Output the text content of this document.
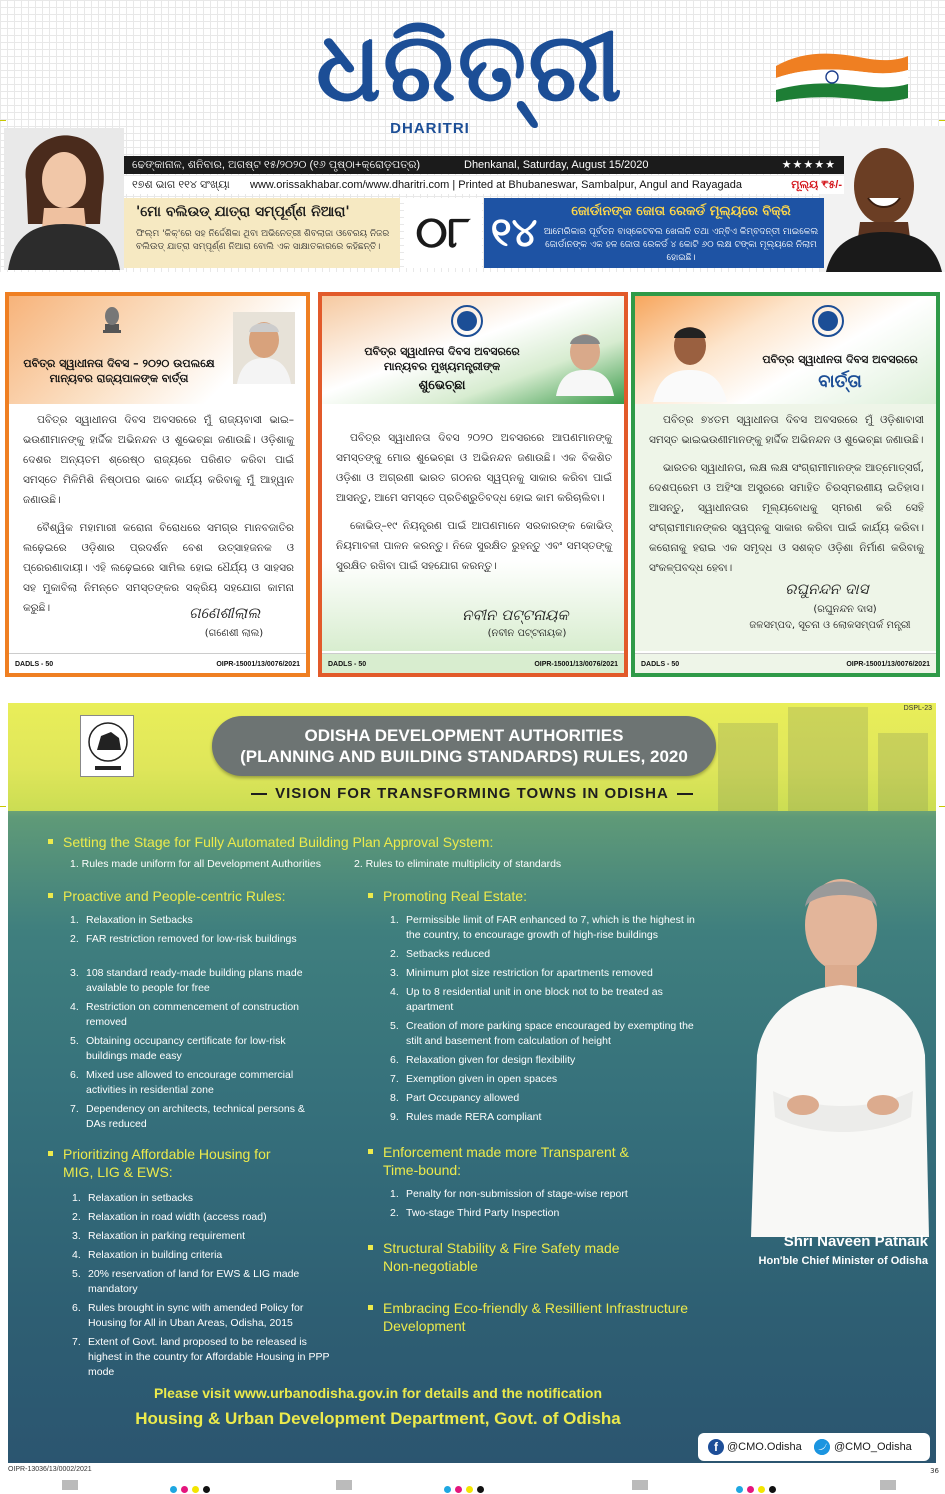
ଧରିତ୍ରୀ
DHARITRI
ଢେଙ୍କାନାଳ, ଶନିବାର, ଅଗଷ୍ଟ ୧୫/୨୦୨୦ (୧୬ ପୃଷ୍ଠା+କ୍ରୋଡ଼ପତ୍ର)	Dhenkanal, Saturday, August 15/2020	★★★★★
୧୭ଶ ଭାଗ ୧୧୪ ସଂଖ୍ୟା www.orissakhabar.com/www.dharitri.com | Printed at Bhubaneswar, Sambalpur, Angul and Rayagada	ମୂଲ୍ୟ ₹୫/-
'ମୋ ବଲିଉଡ୍ ଯାତ୍ରା ସମ୍ପୂର୍ଣ୍ଣ ନିଆରା'
ଫିଲ୍ମ 'କିକ୍'ରେ ସହ ନିର୍ଦ୍ଦେଶିକା ଥିବା ଅଭିନେତ୍ରୀ ଶିବଲାଜା ଓବେରୟ ନିଜର ବଲିଉଡ୍ ଯାତ୍ରା ସମ୍ପୂର୍ଣ୍ଣ ନିଆରା ବୋଲି ଏକ ସାକ୍ଷାତକାରରେ କହିଛନ୍ତି। ୦୮ ୧୪	ଜୋର୍ଡାନଙ୍କ ଜୋତା ରେକର୍ଡ ମୂଲ୍ୟରେ ବିକ୍ରି
ଆମେରିକାର ପୂର୍ବତନ ବାସ୍କେଟବଲ ଖେଳାଳି ତଥା ଏନ୍‌ବିଏ କିମ୍ବଦନ୍ତୀ ମାଇକେଲ ଜୋର୍ଡାନଙ୍କ ଏକ ହଳ ଜୋତା ରେକର୍ଡ ୪ କୋଟି ୬୦ ଲକ୍ଷ ଟଙ୍କା ମୂଲ୍ୟରେ ନିଲାମ ହୋଇଛି।
ପବିତ୍ର ସ୍ୱାଧୀନତା ଦିବସ – ୨୦୨୦ ଉପଲକ୍ଷେ ମାନ୍ୟବର ରାଜ୍ୟପାଳଙ୍କ ବାର୍ତ୍ତା

ପବିତ୍ର ସ୍ୱାଧୀନତା ଦିବସ ଅବସରରେ ମୁଁ ରାଜ୍ୟବାସୀ ଭାଇ–ଭଉଣୀମାନଙ୍କୁ ହାର୍ଦ୍ଦିକ ଅଭିନନ୍ଦନ ଓ ଶୁଭେଚ୍ଛା ଜଣାଉଛି। ଓଡ଼ିଶାକୁ ଦେଶର ଅନ୍ୟତମ ଶ୍ରେଷ୍ଠ ରାଜ୍ୟରେ ପରିଣତ କରିବା ପାଇଁ ସମସ୍ତେ ମିଳିମିଶି ନିଷ୍ଠାପର ଭାବେ କାର୍ଯ୍ୟ କରିବାକୁ ମୁଁ ଆହ୍ୱାନ ଜଣାଉଛି।

ବୈଶ୍ୱିକ ମହାମାରୀ କରୋନା ବିରୋଧରେ ସମଗ୍ର ମାନବଜାତିର ଲଢ଼େଇରେ ଓଡ଼ିଶାର ପ୍ରଦର୍ଶନ ବେଶ ଉତ୍ସାହଜନକ ଓ ପ୍ରେରଣାଦାୟୀ। ଏହି ଲଢ଼େଇରେ ସାମିଲ ହୋଇ ଧୈର୍ଯ୍ୟ ଓ ସାହସର ସହ ମୁକାବିଲା ନିମନ୍ତେ ସମସ୍ତଙ୍କର ସକ୍ରିୟ ସହଯୋଗ କାମନା କରୁଛି।	ଗଣେଶୀଲାଲ
(ଗଣେଶୀ ଲାଲ)
DADLS - 50	OIPR-15001/13/0076/2021
ପବିତ୍ର ସ୍ୱାଧୀନତା ଦିବସ ଅବସରରେ ମାନ୍ୟବର ମୁଖ୍ୟମନ୍ତ୍ରୀଙ୍କ
ଶୁଭେଚ୍ଛା

ପବିତ୍ର ସ୍ୱାଧୀନତା ଦିବସ ୨୦୨୦ ଅବସରରେ ଆପଣମାନଙ୍କୁ ସମସ୍ତଙ୍କୁ ମୋର ଶୁଭେଚ୍ଛା ଓ ଅଭିନନ୍ଦନ ଜଣାଉଛି। ଏକ ବିକଶିତ ଓଡ଼ିଶା ଓ ଅଗ୍ରଣୀ ଭାରତ ଗଠନର ସ୍ୱପ୍ନକୁ ସାକାର କରିବା ପାଇଁ ଆସନ୍ତୁ, ଆମେ ସମସ୍ତେ ପ୍ରତିଶ୍ରୁତିବଦ୍ଧ ହୋଇ କାମ କରିଚାଲିବା।

କୋଭିଡ୍–୧୯ ନିୟନ୍ତ୍ରଣ ପାଇଁ ଆପଣମାନେ ସରକାରଙ୍କ କୋଭିଡ୍ ନିୟମାବଳୀ ପାଳନ କରନ୍ତୁ। ନିଜେ ସୁରକ୍ଷିତ ରୁହନ୍ତୁ ଏବଂ ସମସ୍ତଙ୍କୁ ସୁରକ୍ଷିତ ରଖିବା ପାଇଁ ସହଯୋଗ କରନ୍ତୁ।

ନବୀନ ପଟ୍ଟନାୟକ
(ନବୀନ ପଟ୍ଟନାୟକ)
DADLS - 50	OIPR-15001/13/0076/2021
ପବିତ୍ର ସ୍ୱାଧୀନତା ଦିବସ ଅବସରରେ
ବାର୍ତ୍ତା

ପବିତ୍ର ୭୪ତମ ସ୍ୱାଧୀନତା ଦିବସ ଅବସରରେ ମୁଁ ଓଡ଼ିଶାବାସୀ ସମସ୍ତ ଭାଇଭଉଣୀମାନଙ୍କୁ ହାର୍ଦ୍ଦିକ ଅଭିନନ୍ଦନ ଓ ଶୁଭେଚ୍ଛା ଜଣାଉଛି।

ଭାରତର ସ୍ୱାଧୀନତା, ଲକ୍ଷ ଲକ୍ଷ ସଂଗ୍ରାମୀମାନଙ୍କ ଆତ୍ମୋତ୍ସର୍ଗ, ଦେଶପ୍ରେମ ଓ ଅହିଂସା ଅସ୍ତ୍ରରେ ସମାହିତ ଚିରସ୍ମରଣୀୟ ଇତିହାସ। ଆସନ୍ତୁ, ସ୍ୱାଧୀନତାର ମୂଲ୍ୟବୋଧକୁ ସ୍ମରଣ କରି ସେହି ସଂଗ୍ରାମୀମାନଙ୍କର ସ୍ୱପ୍ନକୁ ସାକାର କରିବା ପାଇଁ କାର୍ଯ୍ୟ କରିବା। କରୋନାକୁ ହରାଇ ଏକ ସମୃଦ୍ଧ ଓ ସଶକ୍ତ ଓଡ଼ିଶା ନିର୍ମାଣ କରିବାକୁ ସଂକଳ୍ପବଦ୍ଧ ହେବା।

ରଘୁନନ୍ଦନ ଦାସ
(ରଘୁନନ୍ଦନ ଦାସ)
ଜଳସମ୍ପଦ, ସୂଚନା ଓ ଲୋକସମ୍ପର୍କ ମନ୍ତ୍ରୀ
DADLS - 50	OIPR-15001/13/0076/2021
DSPL-23
ODISHA DEVELOPMENT AUTHORITIES
(PLANNING AND BUILDING STANDARDS) RULES, 2020
VISION FOR TRANSFORMING TOWNS IN ODISHA
Setting the Stage for Fully Automated Building Plan Approval System:
1. Rules made uniform for all Development Authorities	2. Rules to eliminate multiplicity of standards
Proactive and People-centric Rules:
1. Relaxation in Setbacks
2. FAR restriction removed for low-risk buildings
3. 108 standard ready-made building plans made available to people for free
4. Restriction on commencement of construction removed
5. Obtaining occupancy certificate for low-risk buildings made easy
6. Mixed use allowed to encourage commercial activities in residential zone
7. Dependency on architects, technical persons & DAs reduced
Prioritizing Affordable Housing for
MIG, LIG & EWS:
1. Relaxation in setbacks
2. Relaxation in road width (access road)
3. Relaxation in parking requirement
4. Relaxation in building criteria
5. 20% reservation of land for EWS & LIG made mandatory
6. Rules brought in sync with amended Policy for Housing for All in Uban Areas, Odisha, 2015
7. Extent of Govt. land proposed to be released is highest in the country for Affordable Housing in PPP mode
Promoting Real Estate:
1. Permissible limit of FAR enhanced to 7, which is the highest in the country, to encourage growth of high-rise buildings
2. Setbacks reduced
3. Minimum plot size restriction for apartments removed
4. Up to 8 residential unit in one block not to be treated as apartment
5. Creation of more parking space encouraged by exempting the stilt and basement from calculation of height
6. Relaxation given for design flexibility
7. Exemption given in open spaces
8. Part Occupancy allowed
9. Rules made RERA compliant
Enforcement made more Transparent &
Time-bound:
1. Penalty for non-submission of stage-wise report
2. Two-stage Third Party Inspection
Structural Stability & Fire Safety made
Non-negotiable
Embracing Eco-friendly & Resillient Infrastructure
Development
Shri Naveen Patnaik
Hon'ble Chief Minister of Odisha
Please visit www.urbanodisha.gov.in for details and the notification
Housing & Urban Development Department, Govt. of Odisha
f @CMO.Odisha	@CMO_Odisha
OIPR-13036/13/0002/2021	36
